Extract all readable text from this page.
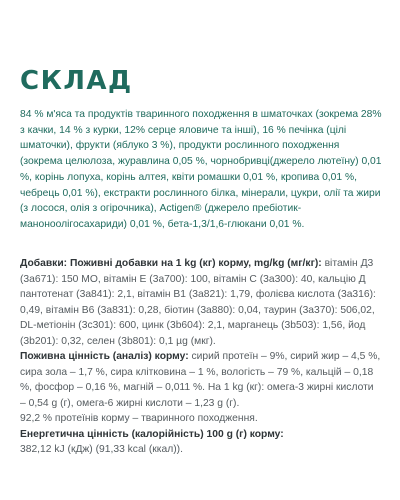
СКЛАД

84 % м'яса та продуктів тваринного походження в шматочках (зокрема 28% з качки, 14 % з курки, 12% серце яловиче та інші), 16 % печінка (цілі шматочки), фрукти (яблуко 3 %), продукти рослинного походження (зокрема целюлоза, журавлина 0,05 %, чорнобривці(джерело лютеїну) 0,01 %, корінь лопуха, корінь алтея, квіти ромашки 0,01 %, кропива 0,01 %, чебрець 0,01 %), екстракти рослинного білка, мінерали, цукри, олії та жири (з лосося, олія з огірочника), Actigen® (джерело пребіотик-маноноолігосахариди) 0,01 %, бета-1,3/1,6-глюкани 0,01 %.

Добавки: Поживні добавки на 1 kg (кг) корму, mg/kg (мг/кг): вітамін Д3 (3а671): 150 МО, вітамін Е (3а700): 100, вітамін С (3а300): 40, кальцію Д пантотенат (3а841): 2,1, вітамін В1 (3а821): 1,79, фолієва кислота (3а316): 0,49, вітамін В6 (3а831): 0,28, біотин (3а880): 0,04, таурин (3а370): 506,02, DL-метіонін (3с301): 600, цинк (3b604): 2,1, марганець (3b503): 1,56, йод (3b201): 0,32, селен (3b801): 0,1 µg (мкг).

Поживна цінність (аналіз) корму: сирий протеїн – 9%, сирий жир – 4,5 %, сира зола – 1,7 %, сира клітковина – 1 %, вологість – 79 %, кальцій – 0,18 %, фосфор – 0,16 %, магній – 0,011 %. На 1 kg (кг): омега-3 жирні кислоти – 0,54 g (г), омега-6 жирні кислоти – 1,23 g (г).

92,2 % протеїнів корму – тваринного походження.

Енергетична цінність (калорійність) 100 g (г) корму:

382,12 kJ (кДж) (91,33 kcal (ккал)).
